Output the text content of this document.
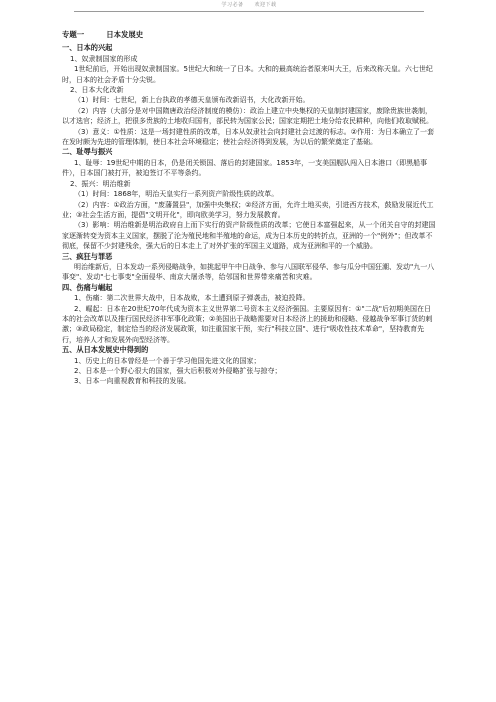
学习必备　　欢迎下载
专题一	日本发展史
一、日本的兴起
1、奴隶制国家的形成
1世纪前后，开始出现奴隶制国家。5世纪大和统一了日本。大和的最高统治者原来叫大王，后来改称天皇。六七世纪时，日本的社会矛盾十分尖锐。
2、日本大化改新
（1）时间：七世纪，新上台执政的孝德天皇颁布改新诏书，大化改新开始。
（2）内容（大部分是对中国隋唐政治经济制度的模仿）：政治上建立中央集权的天皇制封建国家，废除贵族世袭制，以才选官；经济上，把很多贵族的土地收归国有，部民转为国家公民；国家定期把土地分给农民耕种，向他们收取赋税。
（3）意义：①性质：这是一场封建性质的改革，日本从奴隶社会向封建社会过渡的标志。②作用：为日本确立了一套在发时颇为先进的管理体制，使日本社会环境稳定；使社会经济得到发展，为以后的繁荣奠定了基础。
二、耻辱与振兴
1、耻辱：19世纪中期的日本，仍是闭关锁国、落后的封建国家。1853年，一支美国舰队闯入日本港口（即黑船事件），日本国门被打开，被迫签订不平等条约。
2、振兴：明治维新
（1）时间：1868年，明治天皇实行一系列资产阶级性质的改革。
（2）内容：①政治方面，"废藩置县"，加强中央集权；②经济方面，允许土地买卖，引进西方技术，鼓励发展近代工业；③社会生活方面，提倡"文明开化"，即向欧美学习，努力发展教育。
（3）影响：明治维新是明治政府自上而下实行的资产阶级性质的改革；它使日本富强起来，从一个闭关自守的封建国家逐渐转变为资本主义国家，摆脱了沦为殖民地和半殖地的命运，成为日本历史的转折点，亚洲的一个"例外"；但改革不彻底，保留不少封建残余，强大后的日本走上了对外扩张的军国主义道路，成为亚洲和平的一个威胁。
三、疯狂与罪恶
明治维新后，日本发动一系列侵略战争，如挑起甲午中日战争、参与八国联军侵华、参与瓜分中国狂潮、发动"九一八事变"、发动"七七事变"全面侵华、南京大屠杀等，给邻国和世界带来痛苦和灾难。
四、伤痛与崛起
1、伤痛：第二次世界大战中，日本战败，本土遭到原子弹袭击，被迫投降。
2、崛起：日本在20世纪70年代成为资本主义世界第二号资本主义经济强国。主要原因有：①"二战"后初期美国在日本的社会改革以及推行国民经济非军事化政策；②美国出于战略需要对日本经济上的援助和侵略、侵越战争军事订货的刺激；③政局稳定，制定恰当的经济发展政策，如注重国家干预，实行"科技立国"、进行"吸收性技术革命"，坚持教育先行，培养人才和发展外向型经济等。
五、从日本发展史中得到的
1、历史上的日本曾经是一个善于学习他国先进文化的国家；
2、日本是一个野心很大的国家，强大后积极对外侵略扩张与掠夺；
3、日本一向重视教育和科技的发展。
